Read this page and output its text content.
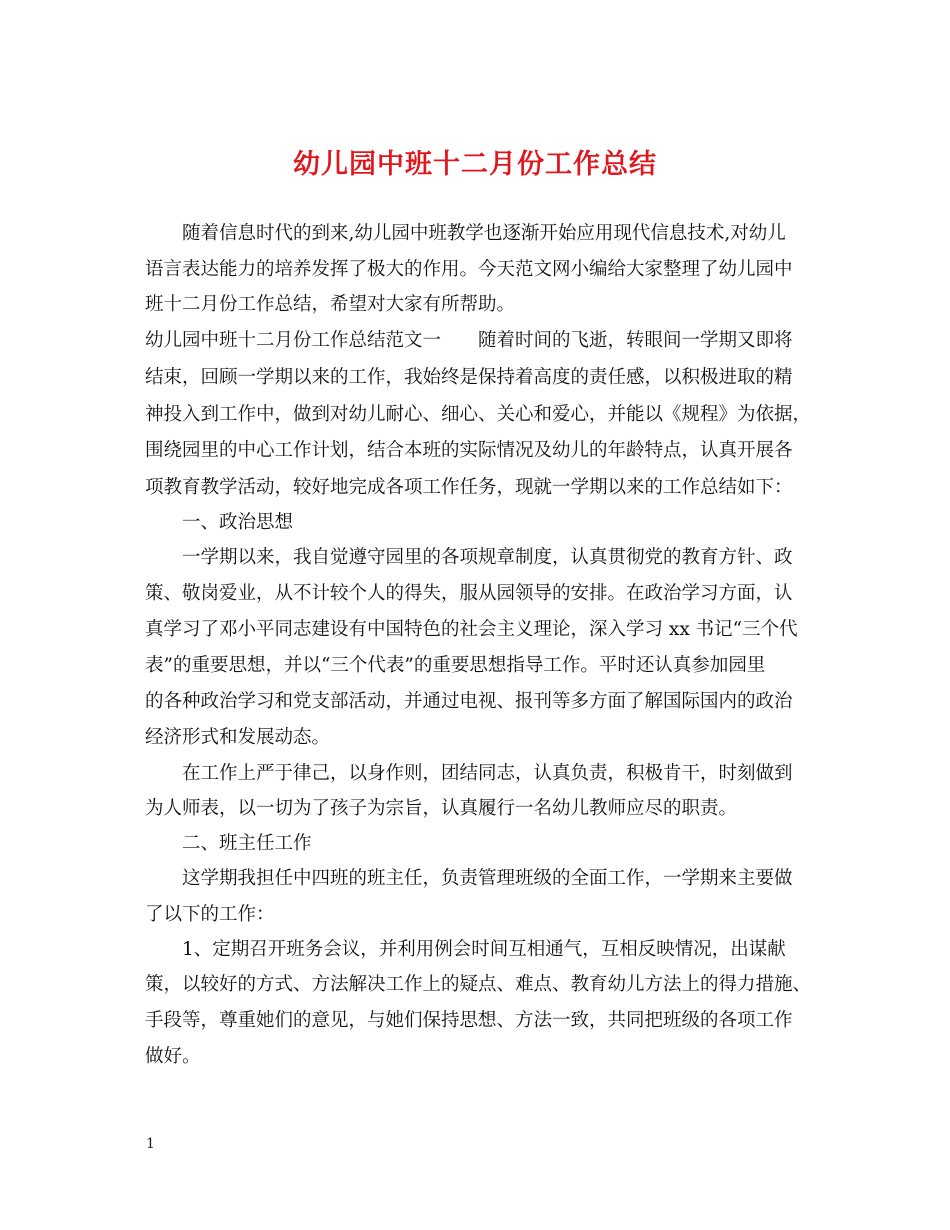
幼儿园中班十二月份工作总结
　　随着信息时代的到来,幼儿园中班教学也逐渐开始应用现代信息技术,对幼儿
语言表达能力的培养发挥了极大的作用。今天范文网小编给大家整理了幼儿园中
班十二月份工作总结，希望对大家有所帮助。
幼儿园中班十二月份工作总结范文一　　随着时间的飞逝，转眼间一学期又即将
结束，回顾一学期以来的工作，我始终是保持着高度的责任感，以积极进取的精
神投入到工作中，做到对幼儿耐心、细心、关心和爱心，并能以《规程》为依据，
围绕园里的中心工作计划，结合本班的实际情况及幼儿的年龄特点，认真开展各
项教育教学活动，较好地完成各项工作任务，现就一学期以来的工作总结如下：
　　一、政治思想
　　一学期以来，我自觉遵守园里的各项规章制度，认真贯彻党的教育方针、政
策、敬岗爱业，从不计较个人的得失，服从园领导的安排。在政治学习方面，认
真学习了邓小平同志建设有中国特色的社会主义理论，深入学习 xx 书记“三个代
表”的重要思想，并以“三个代表”的重要思想指导工作。平时还认真参加园里
的各种政治学习和党支部活动，并通过电视、报刊等多方面了解国际国内的政治
经济形式和发展动态。
　　在工作上严于律己，以身作则，团结同志，认真负责，积极肯干，时刻做到
为人师表，以一切为了孩子为宗旨，认真履行一名幼儿教师应尽的职责。
　　二、班主任工作
　　这学期我担任中四班的班主任，负责管理班级的全面工作，一学期来主要做
了以下的工作：
　　1、定期召开班务会议，并利用例会时间互相通气，互相反映情况，出谋献
策，以较好的方式、方法解决工作上的疑点、难点、教育幼儿方法上的得力措施、
手段等，尊重她们的意见，与她们保持思想、方法一致，共同把班级的各项工作
做好。
1
